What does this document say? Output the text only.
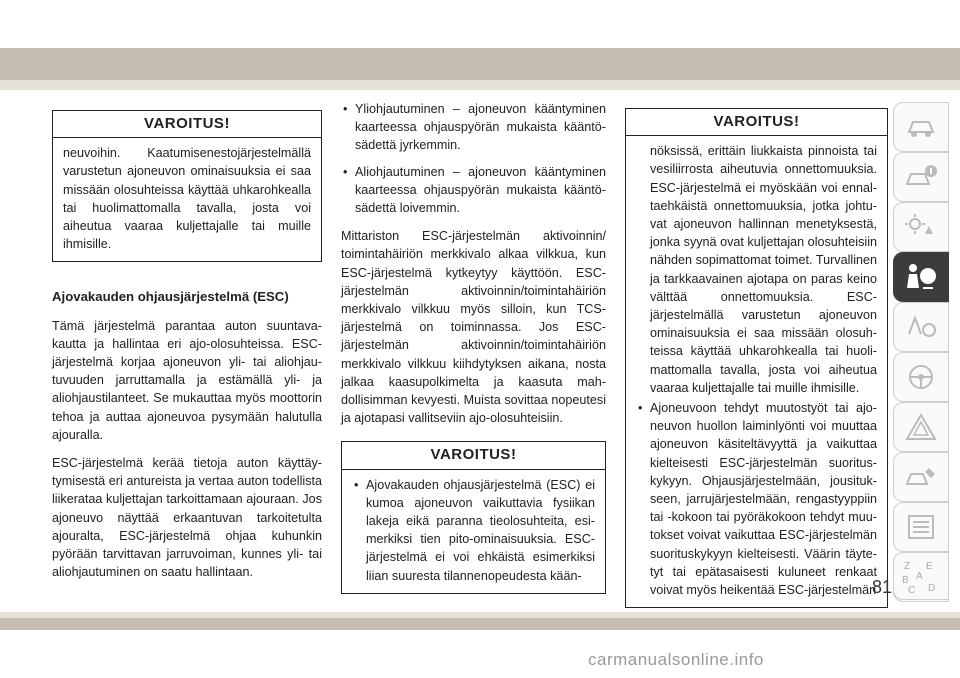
VAROITUS!

neuvoihin. Kaatumisenestojärjestelmällä varustetun ajoneuvon ominaisuuksia ei saa missään olosuhteissa käyttää uhkarohkealla tai huolimattomalla tavalla, josta voi aiheutua vaaraa kuljettajalle tai muille ihmisille.

Ajovakauden ohjausjärjestelmä (ESC)

Tämä järjestelmä parantaa auton suuntavakautta ja hallintaa eri ajo-olosuhteissa. ESC-järjestelmä korjaa ajoneuvon yli- tai aliohjautuvuuden jarruttamalla ja estämällä yli- ja aliohjaustilanteet. Se mukauttaa myös moottorin tehoa ja auttaa ajoneuvoa pysymään halutulla ajouralla.

ESC-järjestelmä kerää tietoja auton käyttäytymisestä eri antureista ja vertaa auton todellista liikerataa kuljettajan tarkoittamaan ajouraan. Jos ajoneuvo näyttää erkaantuvan tarkoitetulta ajouralta, ESC-järjestelmä ohjaa kuhunkin pyörään tarvittavan jarruvoiman, kunnes yli- tai aliohjautuminen on saatu hallintaan.

• Yliohjautuminen – ajoneuvon kääntyminen kaarteessa ohjauspyörän mukaista kääntösädettä jyrkemmin.
• Aliohjautuminen – ajoneuvon kääntyminen kaarteessa ohjauspyörän mukaista kääntösädettä loivemmin.

Mittariston ESC-järjestelmän aktivoinnin/ toimintahäiriön merkkivalo alkaa vilkkua, kun ESC-järjestelmä kytkeytyy käyttöön. ESC-järjestelmän aktivoinnin/toimintahäiriön merkkivalo vilkkuu myös silloin, kun TCS-järjestelmä on toiminnassa. Jos ESC-järjestelmän aktivoinnin/toimintahäiriön merkkivalo vilkkuu kiihdytyksen aikana, nosta jalkaa kaasupolkimelta ja kaasuta mahdollisimman kevyesti. Muista sovittaa nopeutesi ja ajotapasi vallitseviin ajo-olosuhteisiin.

VAROITUS!
• Ajovakauden ohjausjärjestelmä (ESC) ei kumoa ajoneuvon vaikuttavia fysiikan lakeja eikä paranna tieolosuhteita, esimerkiksi tien pito-ominaisuuksia. ESC-järjestelmä ei voi ehkäistä esimerkiksi liian suuresta tilannenopeudesta kään-
VAROITUS!

nöksissä, erittäin liukkaista pinnoista tai vesiliirrosta aiheutuvia onnettomuuksia. ESC-järjestelmä ei myöskään voi ennaltaehkäistä onnettomuuksia, jotka johtuvat ajoneuvon hallinnan menetyksestä, jonka syynä ovat kuljettajan olosuhteisiin nähden sopimattomat toimet. Turvallinen ja tarkkaavainen ajotapa on paras keino välttää onnettomuuksia. ESC-järjestelmällä varustetun ajoneuvon ominaisuuksia ei saa missään olosuhteissa käyttää uhkarohkealla tai huolimattomalla tavalla, josta voi aiheutua vaaraa kuljettajalle tai muille ihmisille.

• Ajoneuvoon tehdyt muutostyöt tai ajoneuvon huollon laiminlyönti voi muuttaa ajoneuvon käsiteltävyyttä ja vaikuttaa kielteisesti ESC-järjestelmän suorituskykyyn. Ohjausjärjestelmään, jousitukseen, jarrujärjestelmään, rengastyyppiin tai -kokoon tai pyöräkokoon tehdyt muutokset voivat vaikuttaa ESC-järjestelmän suorituskykyyn kielteisesti. Väärin täytetyt tai epätasaisesti kuluneet renkaat voivat myös heikentää ESC-järjestelmän
Z E
A
B
C D
81
carmanualsonline.info
